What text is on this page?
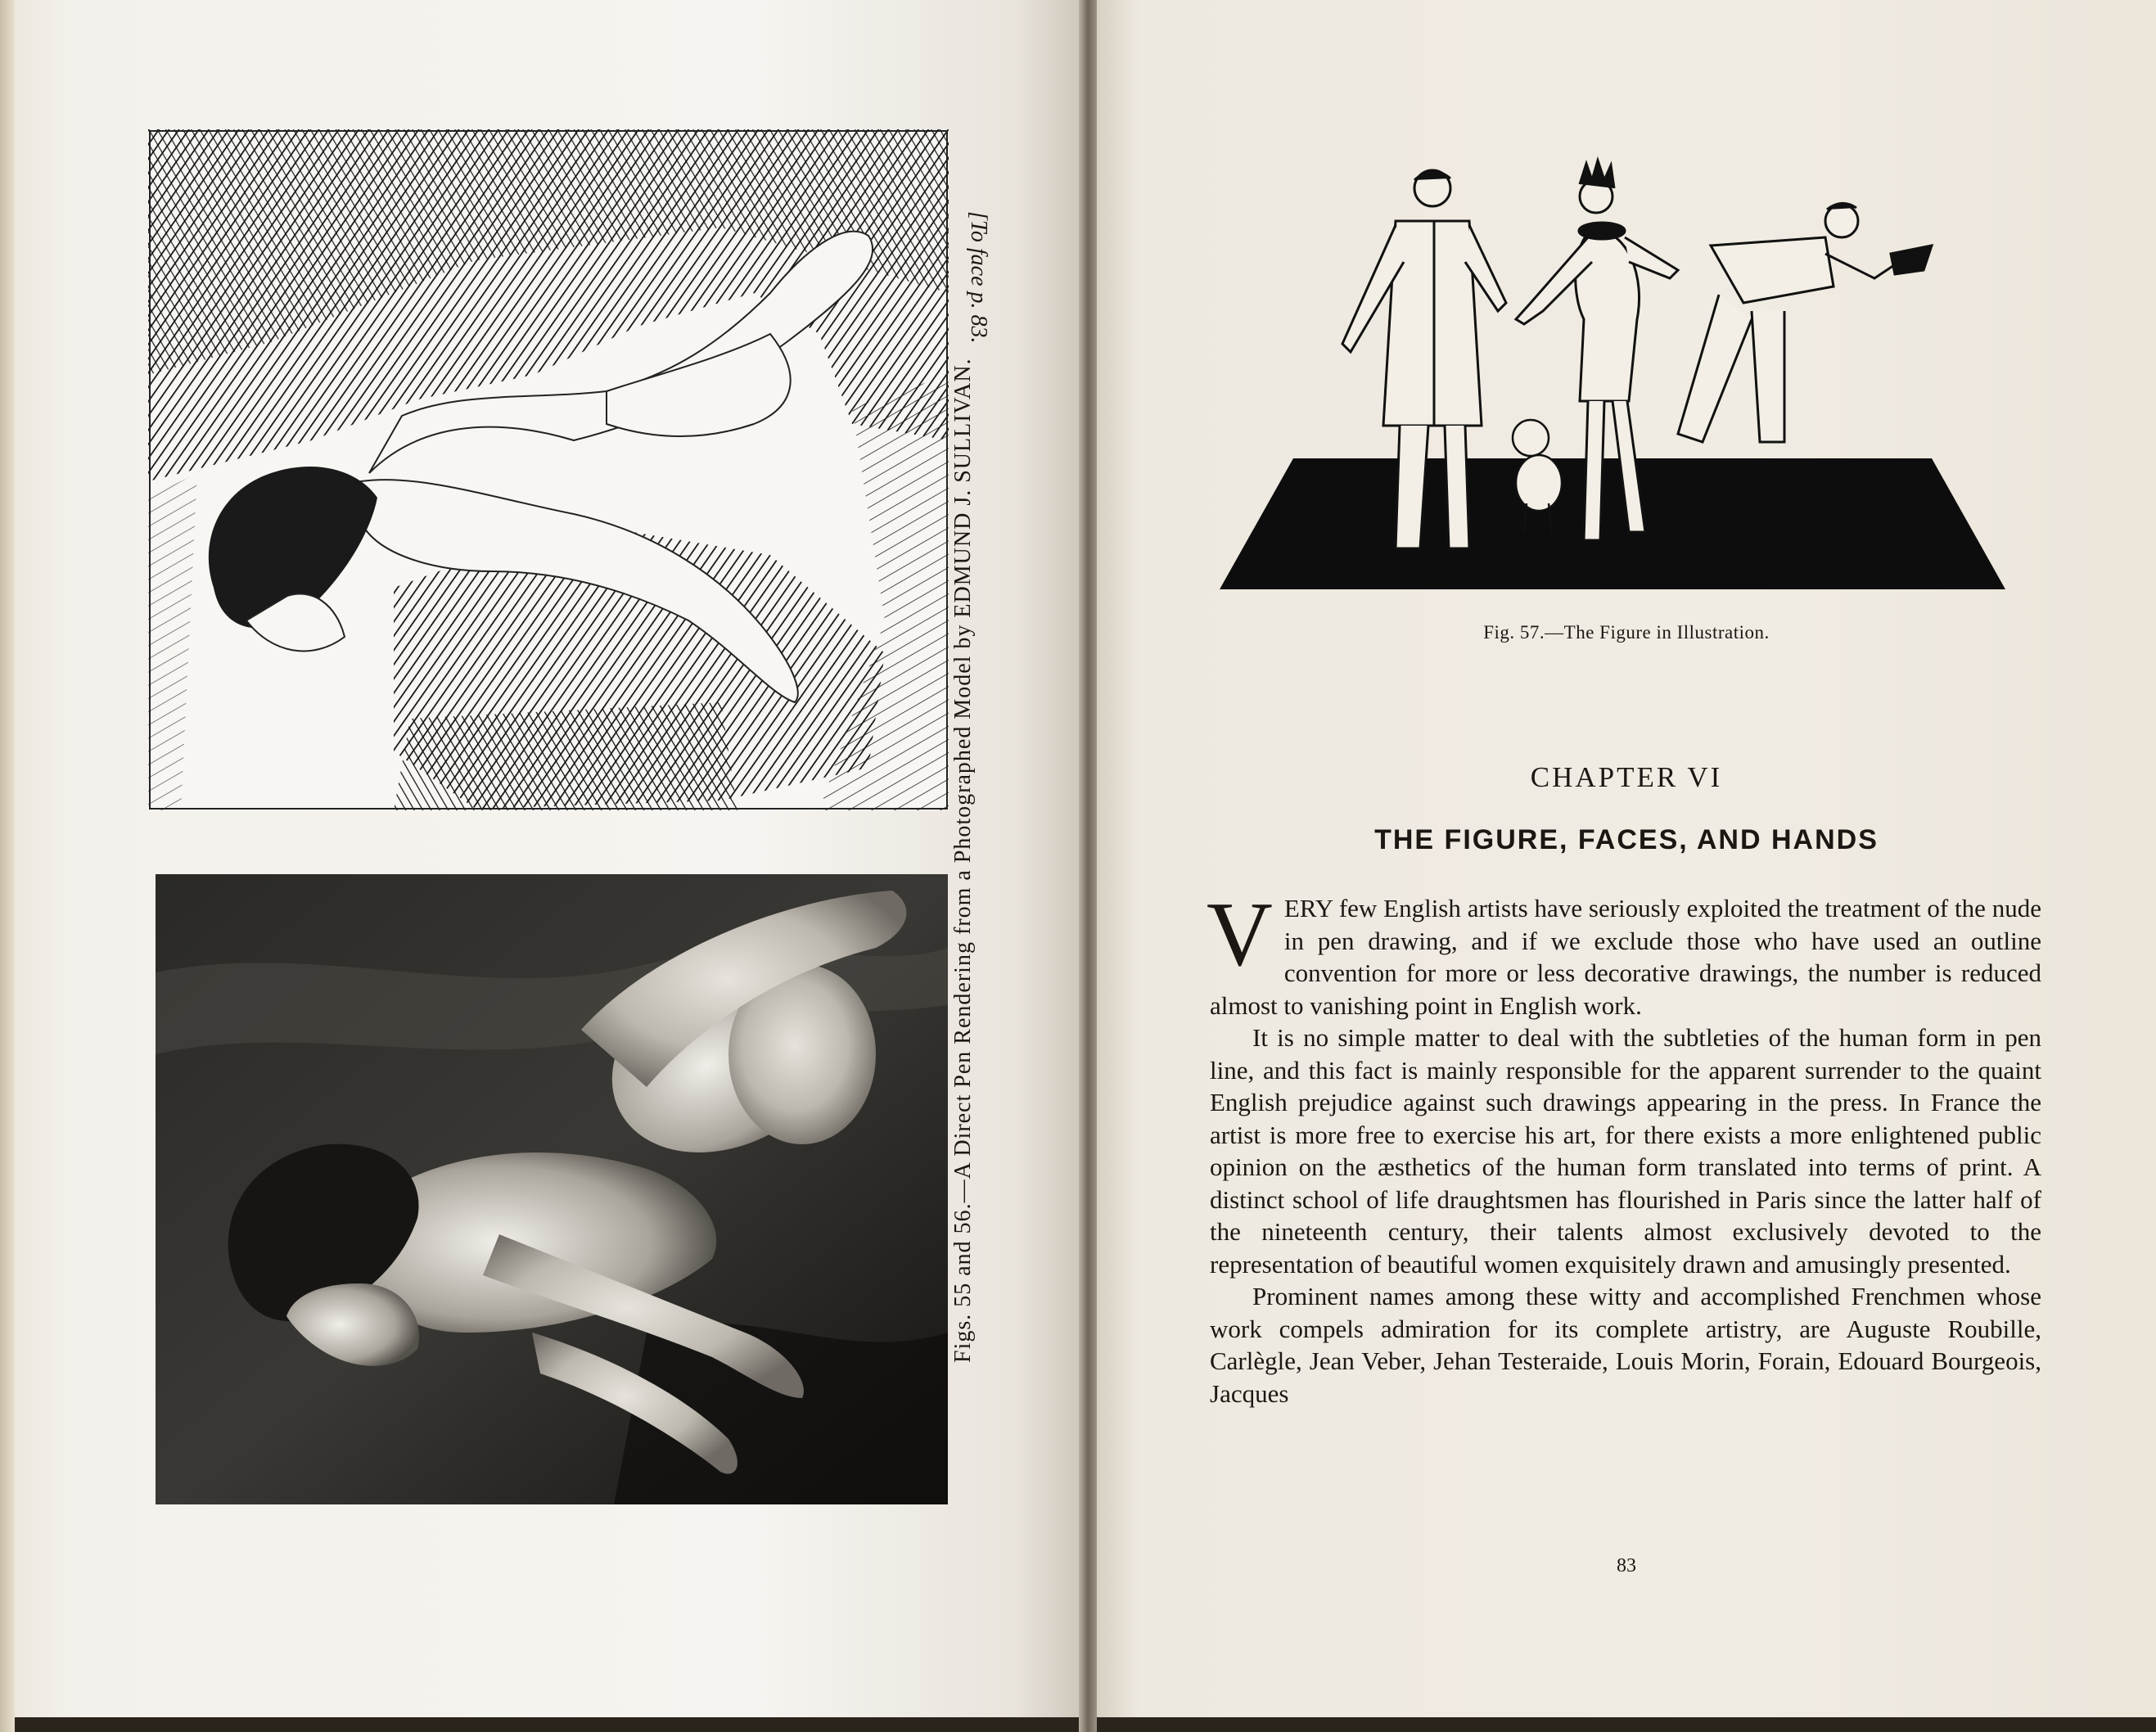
Figs. 55 and 56.—A Direct Pen Rendering from a Photographed Model by EDMUND J. SULLIVAN.
[To face p. 83.
Fig. 57.—The Figure in Illustration.
CHAPTER VI
THE FIGURE, FACES, AND HANDS

VERY few English artists have seriously exploited the treatment of the nude in pen drawing, and if we exclude those who have used an outline convention for more or less decorative drawings, the number is reduced almost to vanishing point in English work.

It is no simple matter to deal with the subtleties of the human form in pen line, and this fact is mainly responsible for the apparent surrender to the quaint English prejudice against such drawings appearing in the press. In France the artist is more free to exercise his art, for there exists a more enlightened public opinion on the æsthetics of the human form translated into terms of print. A distinct school of life draughtsmen has flourished in Paris since the latter half of the nineteenth century, their talents almost exclusively devoted to the representation of beautiful women exquisitely drawn and amusingly presented.

Prominent names among these witty and accomplished Frenchmen whose work compels admiration for its complete artistry, are Auguste Roubille, Carlègle, Jean Veber, Jehan Testeraide, Louis Morin, Forain, Edouard Bourgeois, Jacques

83
